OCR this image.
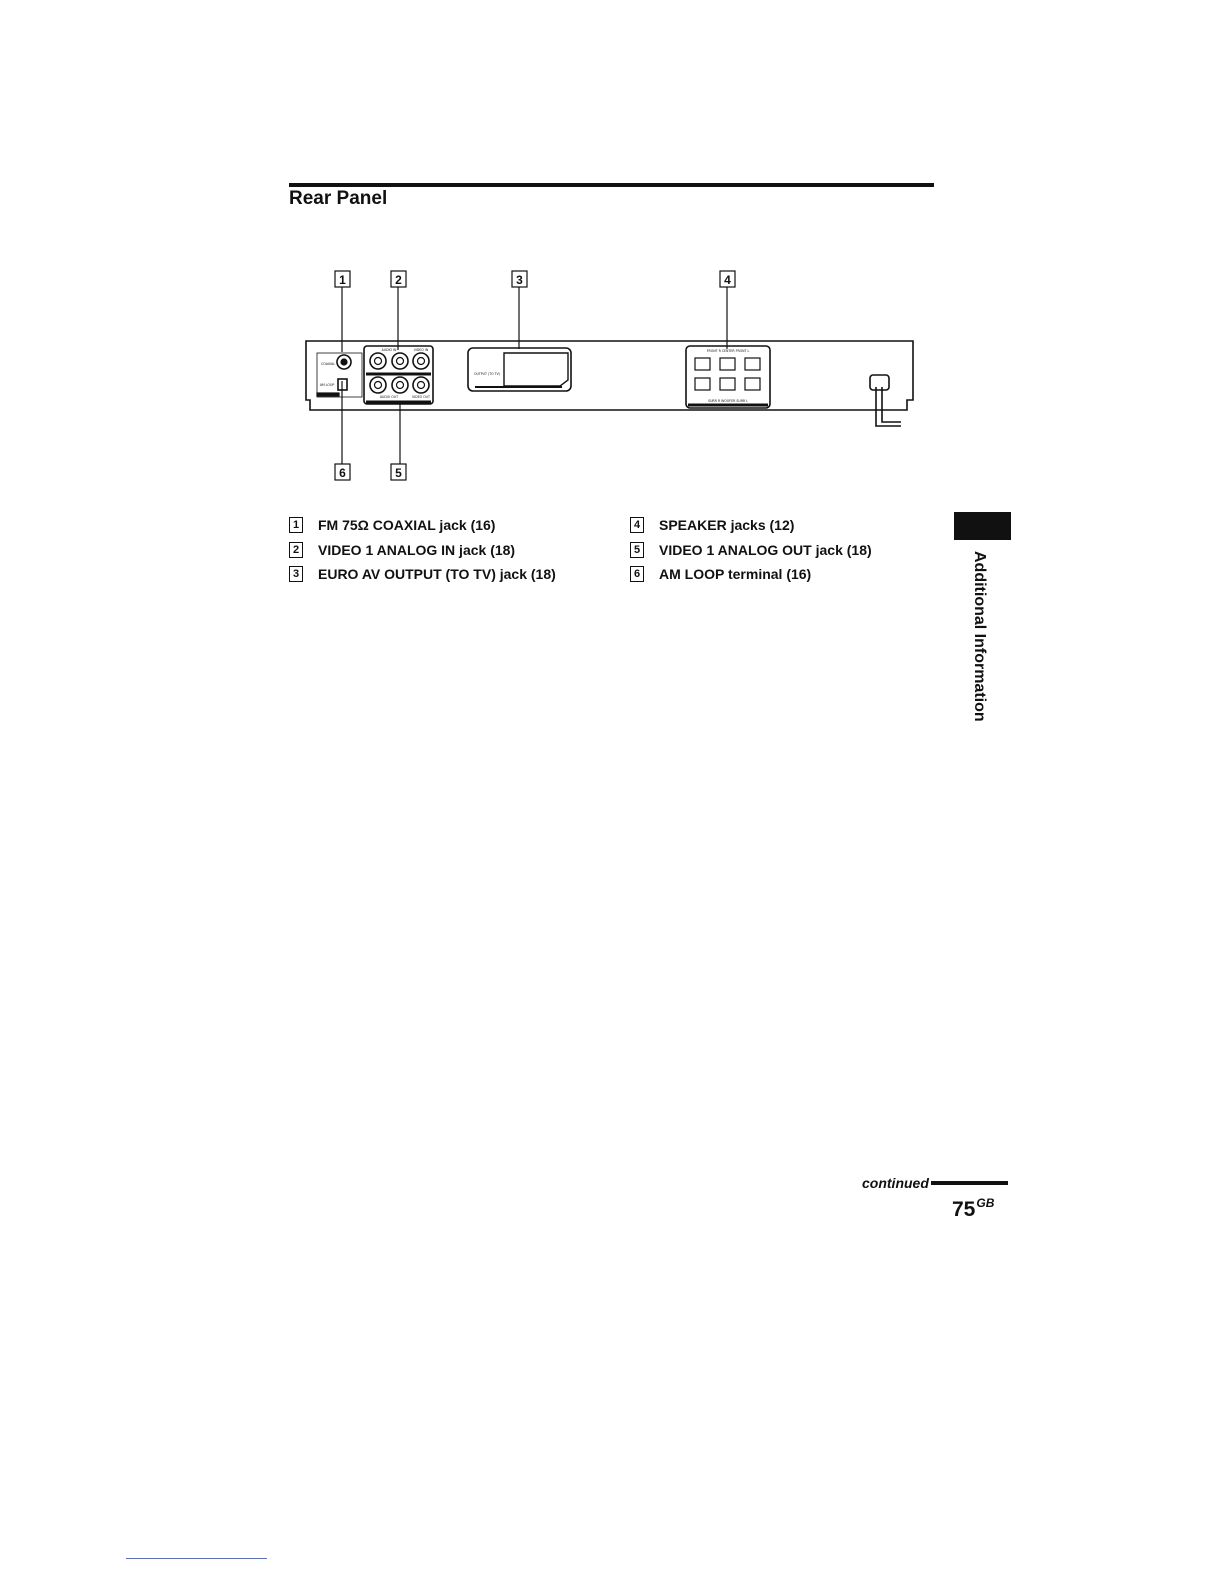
Rear Panel
1	2	3	4
6	5
COAXIAL
AM LOOP
AUDIO IN	VIDEO IN
AUDIO OUT	VIDEO OUT
OUTPUT (TO TV)
FRONT R CENTER FRONT L
SURR R WOOFER SURR L
1 FM 75Ω COAXIAL jack (16)
2 VIDEO 1 ANALOG IN jack (18)
3 EURO AV OUTPUT (TO TV) jack (18)
4 SPEAKER jacks (12)
5 VIDEO 1 ANALOG OUT jack (18)
6 AM LOOP terminal (16)	Additional Information
continued
$75^{GB}$
